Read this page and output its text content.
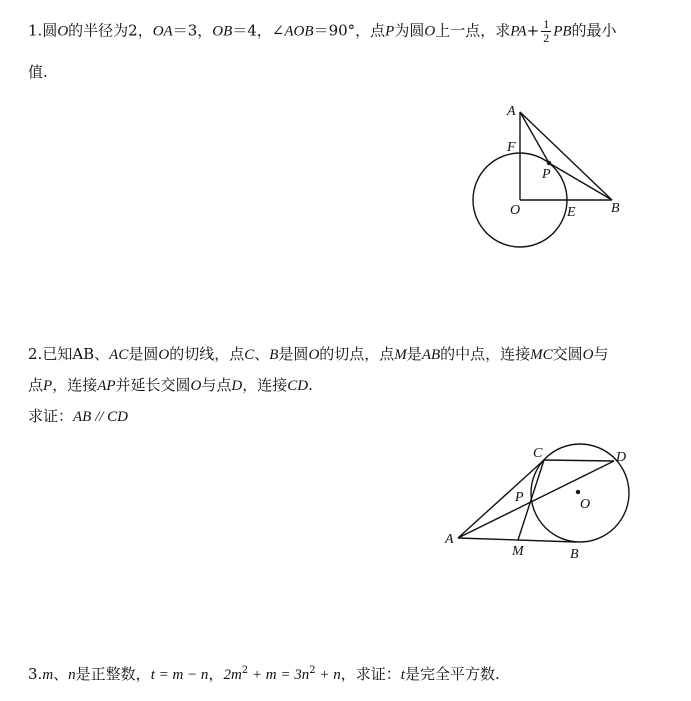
1.圆O的半径为2，OA＝3，OB＝4，∠AOB＝90°，点P为圆O上一点，求$PA+ \frac{1}{2}$ PB的最小
值.
A
F
P
O	E	B
2.已知AB、AC是圆O的切线，点C、B是圆O的切点，点M是AB的中点，连接MC交圆O与
点P，连接AP并延长交圆O与点D，连接CD.
求证：AB // CD
C	D
P	O
A
M	B
3.m、n是正整数，t = m − n，$2m^2 + m = 3n^2 + n$，求证：t是完全平方数.
